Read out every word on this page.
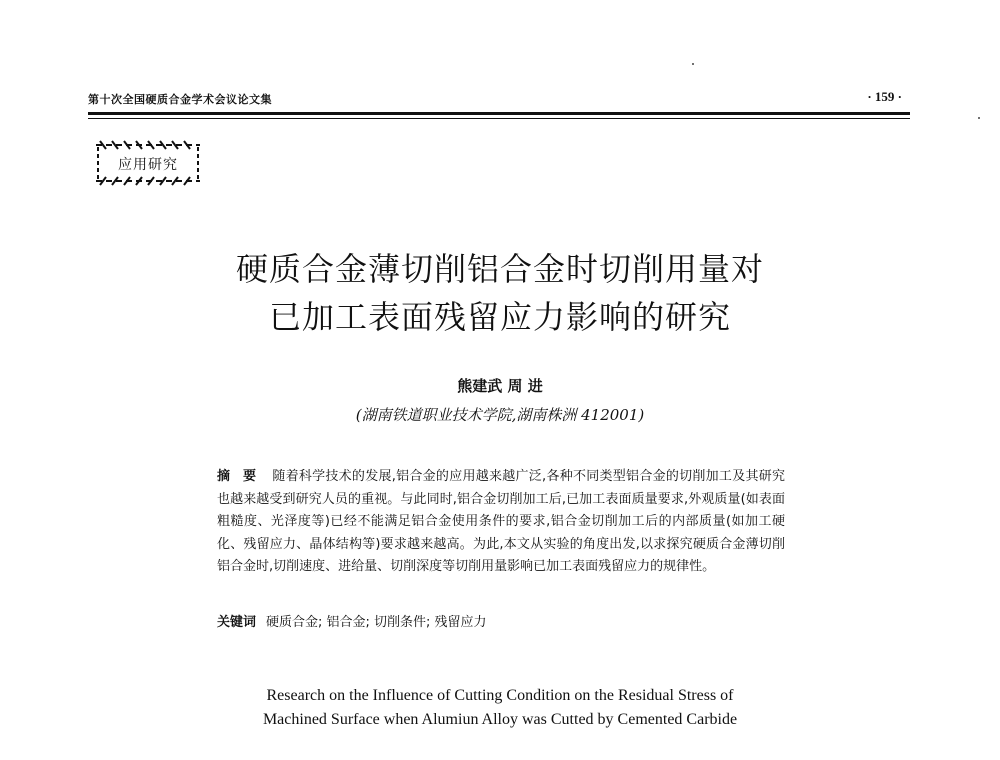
第十次全国硬质合金学术会议论文集	· 159 ·
应用研究
硬质合金薄切削铝合金时切削用量对
已加工表面残留应力影响的研究
熊建武 周 进
(湖南铁道职业技术学院,湖南株洲 412001)
摘 要 随着科学技术的发展,铝合金的应用越来越广泛,各种不同类型铝合金的切削加工及其研究也越来越受到研究人员的重视。与此同时,铝合金切削加工后,已加工表面质量要求,外观质量(如表面粗糙度、光泽度等)已经不能满足铝合金使用条件的要求,铝合金切削加工后的内部质量(如加工硬化、残留应力、晶体结构等)要求越来越高。为此,本文从实验的角度出发,以求探究硬质合金薄切削铝合金时,切削速度、进给量、切削深度等切削用量影响已加工表面残留应力的规律性。
关键词 硬质合金; 铝合金; 切削条件; 残留应力
Research on the Influence of Cutting Condition on the Residual Stress of
Machined Surface when Alumiun Alloy was Cutted by Cemented Carbide
